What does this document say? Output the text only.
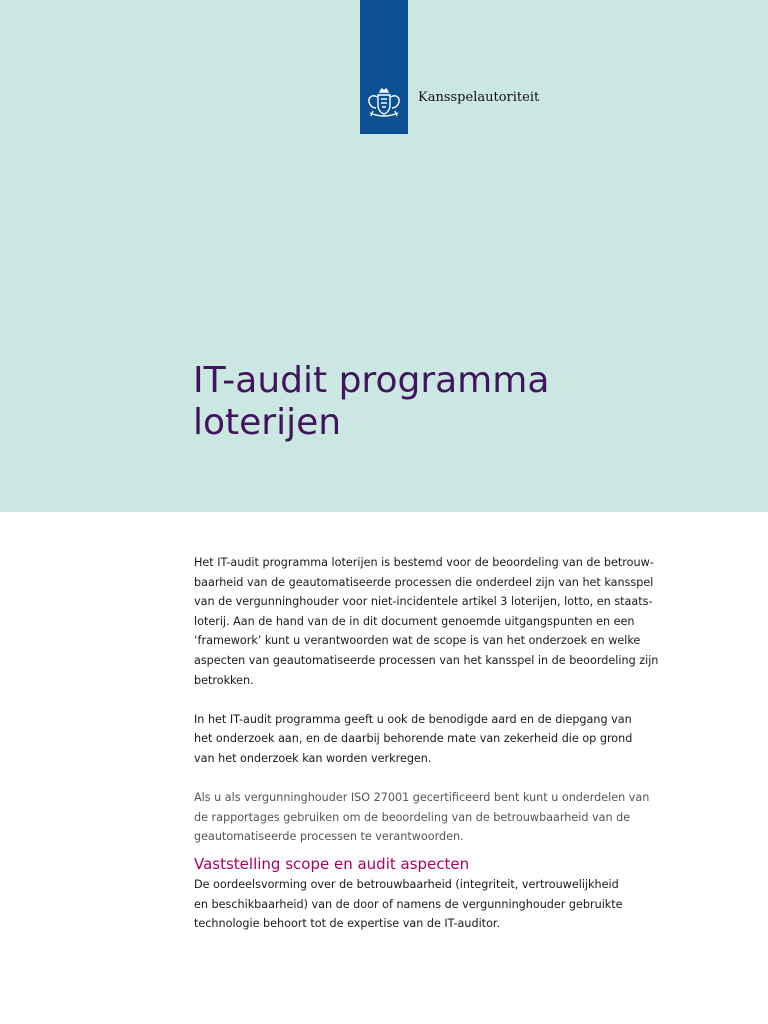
Kansspelautoriteit
IT-audit programma
loterijen

Het IT-audit programma loterijen is bestemd voor de beoordeling van de betrouw-
baarheid van de geautomatiseerde processen die onderdeel zijn van het kansspel
van de vergunninghouder voor niet-incidentele artikel 3 loterijen, lotto, en staats-
loterij. Aan de hand van de in dit document genoemde uitgangspunten en een
‘framework’ kunt u verantwoorden wat de scope is van het onderzoek en welke
aspecten van geautomatiseerde processen van het kansspel in de beoordeling zijn
betrokken.

In het IT-audit programma geeft u ook de benodigde aard en de diepgang van
het onderzoek aan, en de daarbij behorende mate van zekerheid die op grond
van het onderzoek kan worden verkregen.

Als u als vergunninghouder ISO 27001 gecertificeerd bent kunt u onderdelen van
de rapportages gebruiken om de beoordeling van de betrouwbaarheid van de
geautomatiseerde processen te verantwoorden.

Vaststelling scope en audit aspecten

De oordeelsvorming over de betrouwbaarheid (integriteit, vertrouwelijkheid
en beschikbaarheid) van de door of namens de vergunninghouder gebruikte
technologie behoort tot de expertise van de IT-auditor.
